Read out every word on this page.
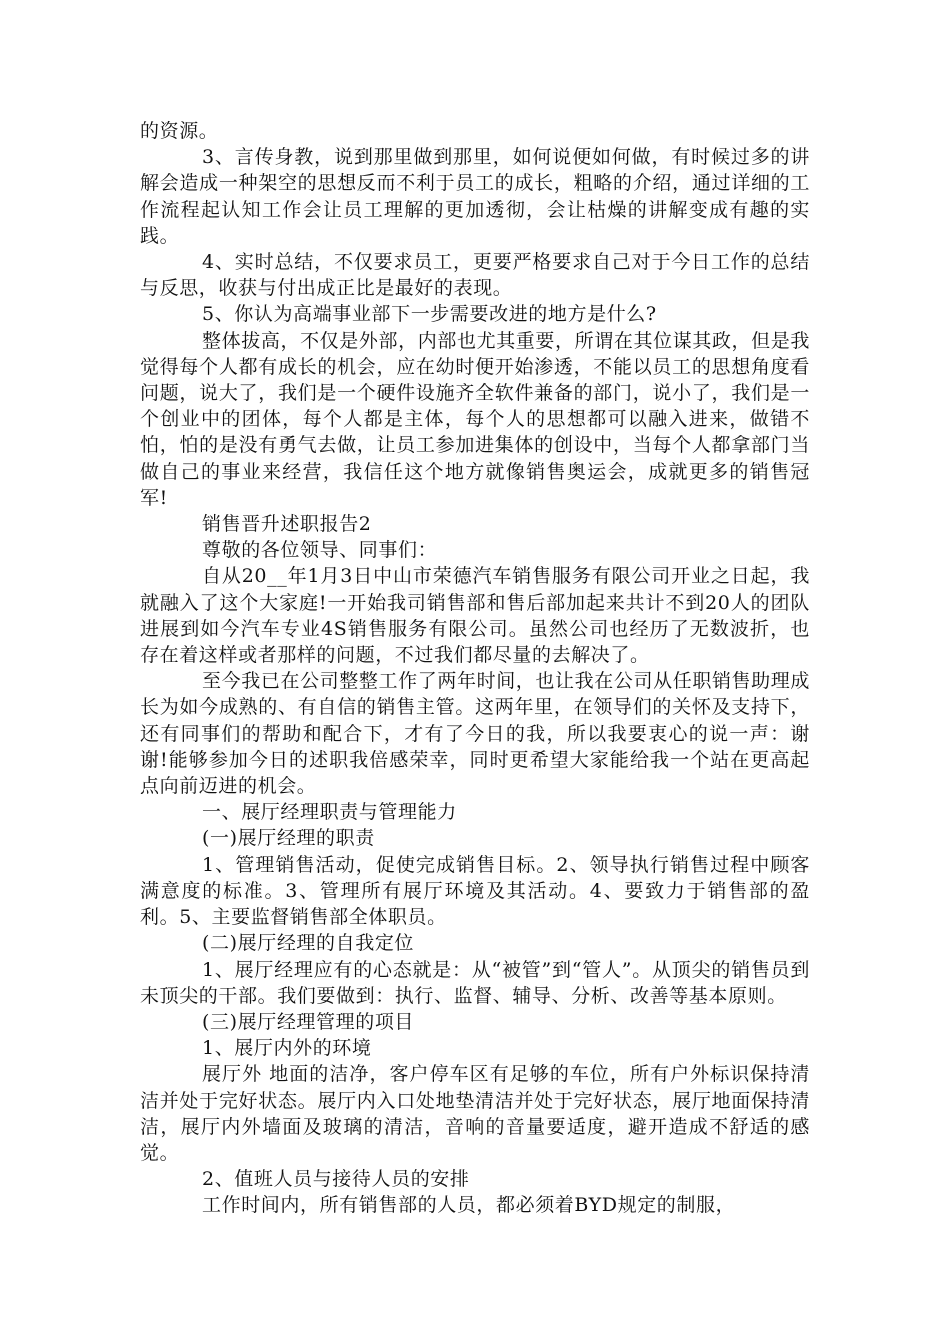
的资源。

3、言传身教，说到那里做到那里，如何说便如何做，有时候过多的讲解会造成一种架空的思想反而不利于员工的成长，粗略的介绍，通过详细的工作流程起认知工作会让员工理解的更加透彻，会让枯燥的讲解变成有趣的实践。

4、实时总结，不仅要求员工，更要严格要求自己对于今日工作的总结与反思，收获与付出成正比是最好的表现。

5、你认为高端事业部下一步需要改进的地方是什么?

整体拔高，不仅是外部，内部也尤其重要，所谓在其位谋其政，但是我觉得每个人都有成长的机会，应在幼时便开始渗透，不能以员工的思想角度看问题，说大了，我们是一个硬件设施齐全软件兼备的部门，说小了，我们是一个创业中的团体，每个人都是主体，每个人的思想都可以融入进来，做错不怕，怕的是没有勇气去做，让员工参加进集体的创设中，当每个人都拿部门当做自己的事业来经营，我信任这个地方就像销售奥运会，成就更多的销售冠军!

销售晋升述职报告2

尊敬的各位领导、同事们：

自从20__年1月3日中山市荣德汽车销售服务有限公司开业之日起，我就融入了这个大家庭!一开始我司销售部和售后部加起来共计不到20人的团队进展到如今汽车专业4S销售服务有限公司。虽然公司也经历了无数波折，也存在着这样或者那样的问题，不过我们都尽量的去解决了。

至今我已在公司整整工作了两年时间，也让我在公司从任职销售助理成长为如今成熟的、有自信的销售主管。这两年里，在领导们的关怀及支持下，还有同事们的帮助和配合下，才有了今日的我，所以我要衷心的说一声：谢谢!能够参加今日的述职我倍感荣幸，同时更希望大家能给我一个站在更高起点向前迈进的机会。

一、展厅经理职责与管理能力

(一)展厅经理的职责

1、管理销售活动，促使完成销售目标。2、领导执行销售过程中顾客满意度的标准。3、管理所有展厅环境及其活动。4、要致力于销售部的盈利。5、主要监督销售部全体职员。

(二)展厅经理的自我定位

1、展厅经理应有的心态就是：从“被管”到“管人”。从顶尖的销售员到未顶尖的干部。我们要做到：执行、监督、辅导、分析、改善等基本原则。

(三)展厅经理管理的项目

1、展厅内外的环境

展厅外 地面的洁净，客户停车区有足够的车位，所有户外标识保持清洁并处于完好状态。展厅内入口处地垫清洁并处于完好状态，展厅地面保持清洁，展厅内外墙面及玻璃的清洁，音响的音量要适度，避开造成不舒适的感觉。

2、值班人员与接待人员的安排

工作时间内，所有销售部的人员，都必须着BYD规定的制服，
